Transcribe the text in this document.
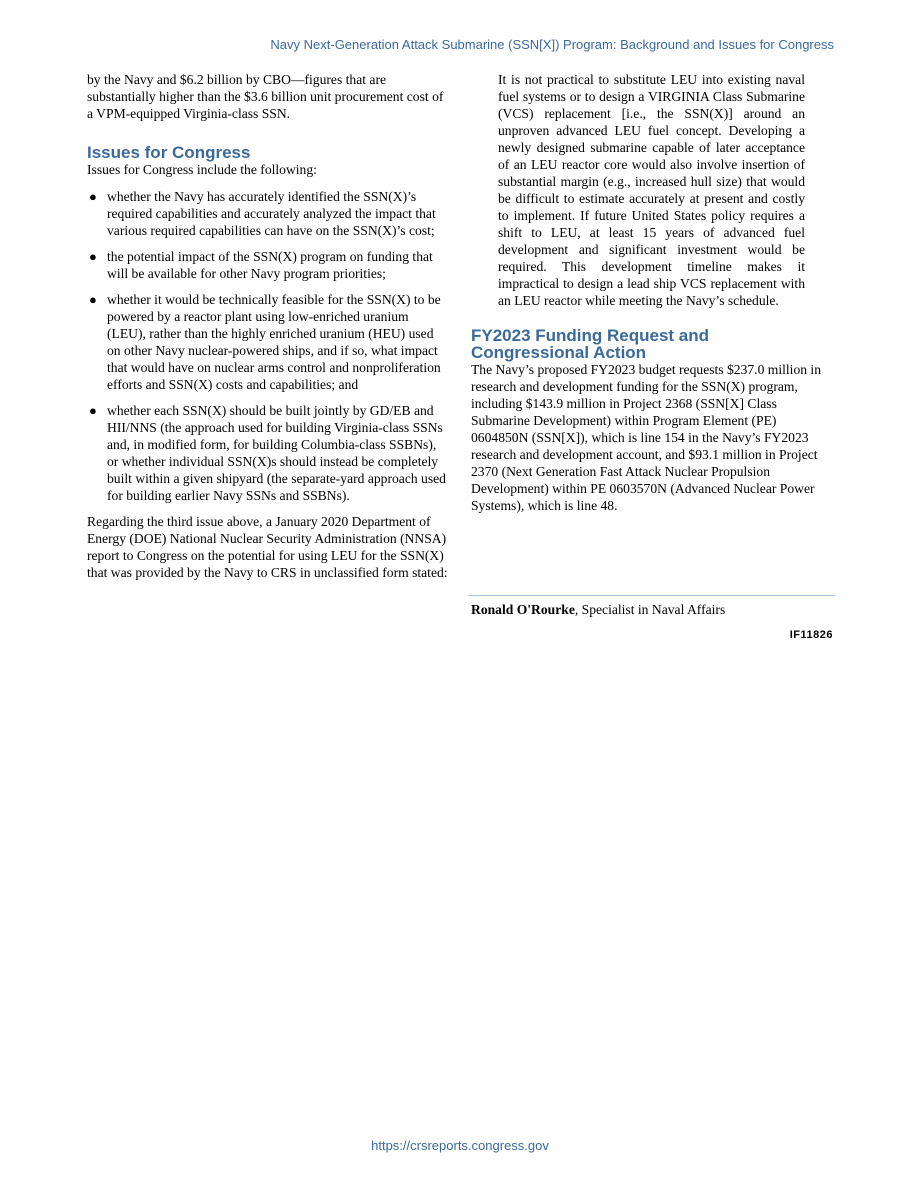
Navy Next-Generation Attack Submarine (SSN[X]) Program: Background and Issues for Congress

by the Navy and $6.2 billion by CBO—figures that are substantially higher than the $3.6 billion unit procurement cost of a VPM-equipped Virginia-class SSN.

Issues for Congress

Issues for Congress include the following:

● whether the Navy has accurately identified the SSN(X)’s required capabilities and accurately analyzed the impact that various required capabilities can have on the SSN(X)’s cost;
● the potential impact of the SSN(X) program on funding that will be available for other Navy program priorities;
● whether it would be technically feasible for the SSN(X) to be powered by a reactor plant using low-enriched uranium (LEU), rather than the highly enriched uranium (HEU) used on other Navy nuclear-powered ships, and if so, what impact that would have on nuclear arms control and nonproliferation efforts and SSN(X) costs and capabilities; and
● whether each SSN(X) should be built jointly by GD/EB and HII/NNS (the approach used for building Virginia-class SSNs and, in modified form, for building Columbia-class SSBNs), or whether individual SSN(X)s should instead be completely built within a given shipyard (the separate-yard approach used for building earlier Navy SSNs and SSBNs).

Regarding the third issue above, a January 2020 Department of Energy (DOE) National Nuclear Security Administration (NNSA) report to Congress on the potential for using LEU for the SSN(X) that was provided by the Navy to CRS in unclassified form stated:

It is not practical to substitute LEU into existing naval fuel systems or to design a VIRGINIA Class Submarine (VCS) replacement [i.e., the SSN(X)] around an unproven advanced LEU fuel concept. Developing a newly designed submarine capable of later acceptance of an LEU reactor core would also involve insertion of substantial margin (e.g., increased hull size) that would be difficult to estimate accurately at present and costly to implement. If future United States policy requires a shift to LEU, at least 15 years of advanced fuel development and significant investment would be required. This development timeline makes it impractical to design a lead ship VCS replacement with an LEU reactor while meeting the Navy’s schedule.

FY2023 Funding Request and
Congressional Action

The Navy’s proposed FY2023 budget requests $237.0 million in research and development funding for the SSN(X) program, including $143.9 million in Project 2368 (SSN[X] Class Submarine Development) within Program Element (PE) 0604850N (SSN[X]), which is line 154 in the Navy’s FY2023 research and development account, and $93.1 million in Project 2370 (Next Generation Fast Attack Nuclear Propulsion Development) within PE 0603570N (Advanced Nuclear Power Systems), which is line 48.

Ronald O'Rourke, Specialist in Naval Affairs
IF11826
https://crsreports.congress.gov
